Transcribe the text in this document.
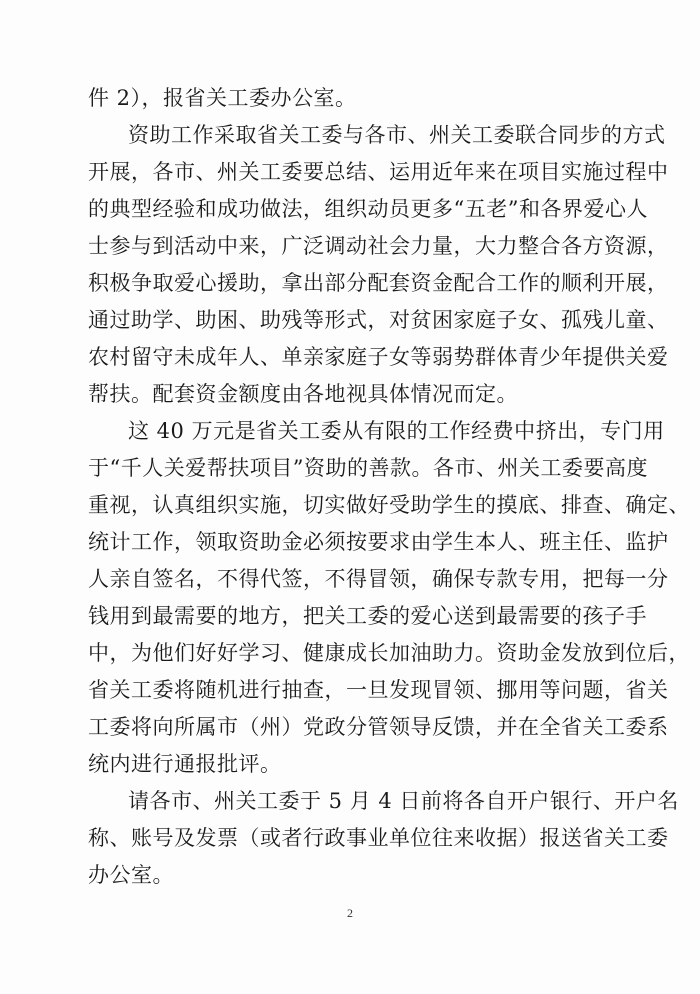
件 2），报省关工委办公室。
资助工作采取省关工委与各市、州关工委联合同步的方式
开展，各市、州关工委要总结、运用近年来在项目实施过程中
的典型经验和成功做法，组织动员更多“五老”和各界爱心人
士参与到活动中来，广泛调动社会力量，大力整合各方资源，
积极争取爱心援助，拿出部分配套资金配合工作的顺利开展，
通过助学、助困、助残等形式，对贫困家庭子女、孤残儿童、
农村留守未成年人、单亲家庭子女等弱势群体青少年提供关爱
帮扶。配套资金额度由各地视具体情况而定。
这 40 万元是省关工委从有限的工作经费中挤出，专门用
于“千人关爱帮扶项目”资助的善款。各市、州关工委要高度
重视，认真组织实施，切实做好受助学生的摸底、排查、确定、
统计工作，领取资助金必须按要求由学生本人、班主任、监护
人亲自签名，不得代签，不得冒领，确保专款专用，把每一分
钱用到最需要的地方，把关工委的爱心送到最需要的孩子手
中，为他们好好学习、健康成长加油助力。资助金发放到位后，
省关工委将随机进行抽查，一旦发现冒领、挪用等问题，省关
工委将向所属市（州）党政分管领导反馈，并在全省关工委系
统内进行通报批评。
请各市、州关工委于 5 月 4 日前将各自开户银行、开户名
称、账号及发票（或者行政事业单位往来收据）报送省关工委
办公室。
2
